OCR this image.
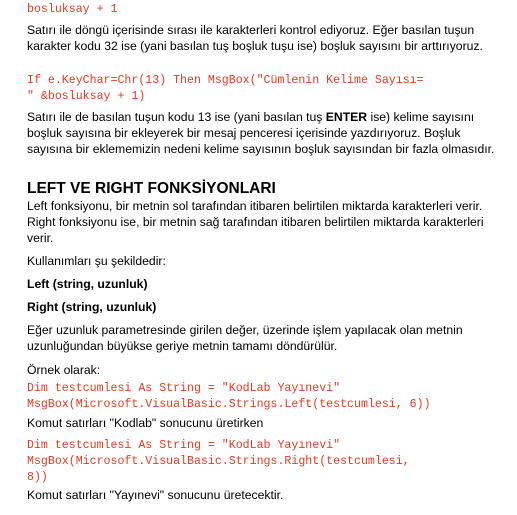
bosluksay + 1

Satırı ile döngü içerisinde sırası ile karakterleri kontrol ediyoruz. Eğer basılan tuşun karakter kodu 32 ise (yani basılan tuş boşluk tuşu ise) boşluk sayısını bir arttırıyoruz.

If e.KeyChar=Chr(13) Then MsgBox("Cümlenin Kelime Sayısı=
" &bosluksay + 1)

Satırı ile de basılan tuşun kodu 13 ise (yani basılan tuş ENTER ise) kelime sayısını boşluk sayısına bir ekleyerek bir mesaj penceresi içerisinde yazdırıyoruz. Boşluk sayısına bir eklememizin nedeni kelime sayısının boşluk sayısından bir fazla olmasıdır.

LEFT VE RIGHT FONKSİYONLARI

Left fonksiyonu, bir metnin sol tarafından itibaren belirtilen miktarda karakterleri verir. Right fonksiyonu ise, bir metnin sağ tarafından itibaren belirtilen miktarda karakterleri verir.

Kullanımları şu şekildedir:

Left (string, uzunluk)

Right (string, uzunluk)

Eğer uzunluk parametresinde girilen değer, üzerinde işlem yapılacak olan metnin uzunluğundan büyükse geriye metnin tamamı döndürülür.

Örnek olarak:

Dim testcumlesi As String = "KodLab Yayınevi"
MsgBox(Microsoft.VisualBasic.Strings.Left(testcumlesi, 6))

Komut satırları "Kodlab" sonucunu üretirken

Dim testcumlesi As String = "KodLab Yayınevi"
MsgBox(Microsoft.VisualBasic.Strings.Right(testcumlesi,
8))

Komut satırları "Yayınevi" sonucunu üretecektir.
